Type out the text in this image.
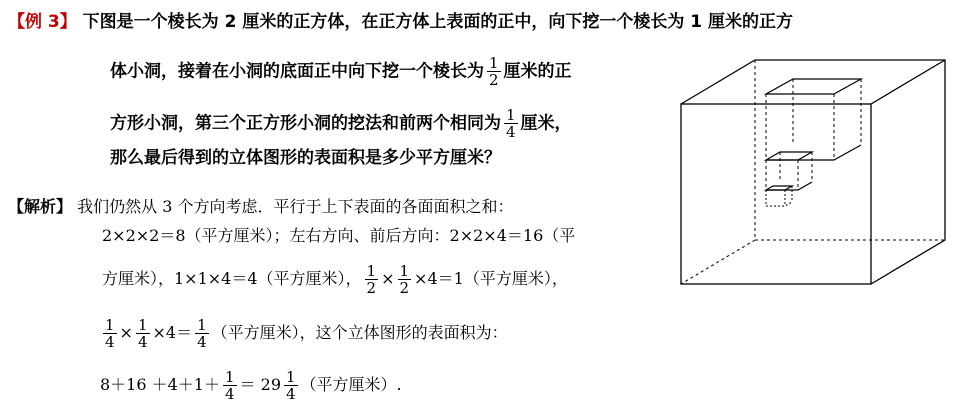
【例 3】 下图是一个棱长为 2 厘米的正方体，在正方体上表面的正中，向下挖一个棱长为 1 厘米的正方
体小洞，接着在小洞的底面正中向下挖一个棱长为 $\frac{1}{2}$ 厘米的正
方形小洞，第三个正方形小洞的挖法和前两个相同为 $\frac{1}{4}$ 厘米，
那么最后得到的立体图形的表面积是多少平方厘米？
【解析】 我们仍然从 3 个方向考虑．平行于上下表面的各面面积之和：
2×2×2＝8（平方厘米）；左右方向、前后方向：2×2×4＝16（平
方厘米），1×1×4＝4（平方厘米）， $\frac{1}{2} \times \frac{1}{2} \times 4=1$（平方厘米），
$\frac{1}{4} \times \frac{1}{4} \times 4= \frac{1}{4}$ （平方厘米），这个立体图形的表面积为：
$8+16 +4+1+ \frac{1}{4} = 29 \frac{1}{4}$ （平方厘米）.
